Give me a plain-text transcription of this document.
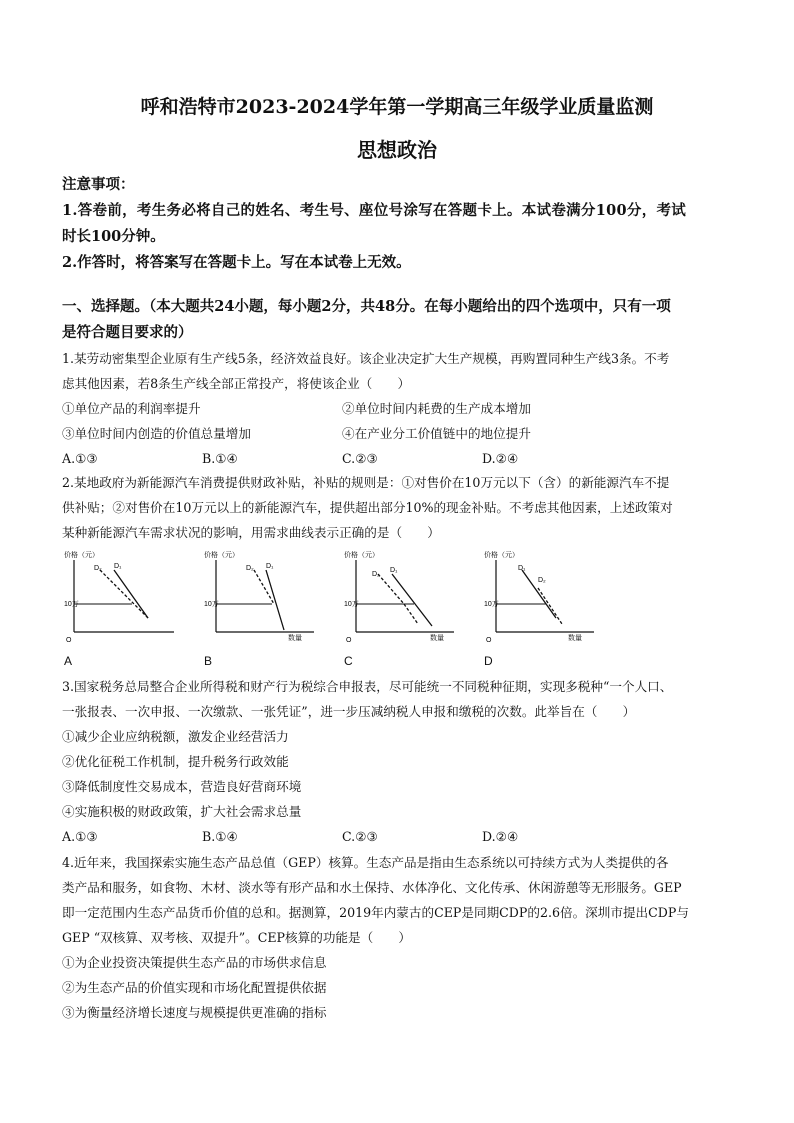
呼和浩特市2023-2024学年第一学期高三年级学业质量监测
思想政治

注意事项：

1.答卷前，考生务必将自己的姓名、考生号、座位号涂写在答题卡上。本试卷满分100分，考试

时长100分钟。

2.作答时，将答案写在答题卡上。写在本试卷上无效。

一、选择题。（本大题共24小题，每小题2分，共48分。在每小题给出的四个选项中，只有一项

是符合题目要求的）

1.某劳动密集型企业原有生产线5条，经济效益良好。该企业决定扩大生产规模，再购置同种生产线3条。不考

虑其他因素，若8条生产线全部正常投产，将使该企业（　　）

①单位产品的利润率提升	②单位时间内耗费的生产成本增加
③单位时间内创造的价值总量增加	④在产业分工价值链中的地位提升
A.①③	B.①④	C.②③	D.②④

2.某地政府为新能源汽车消费提供财政补贴，补贴的规则是：①对售价在10万元以下（含）的新能源汽车不提

供补贴；②对售价在10万元以上的新能源汽车，提供超出部分10%的现金补贴。不考虑其他因素，上述政策对

某种新能源汽车需求状况的影响，用需求曲线表示正确的是（　　）

价格（元）
10万
D₂ D₁
O
价格（元）
10万
D₂ D₁
数量
价格（元）
10万
D₂
D₁
O	数量
价格（元）
10万
D₁
D₂
O	数量
A	B	C	D

3.国家税务总局整合企业所得税和财产行为税综合申报表，尽可能统一不同税种征期，实现多税种“一个人口、

一张报表、一次申报、一次缴款、一张凭证”，进一步压减纳税人申报和缴税的次数。此举旨在（　　）

①减少企业应纳税额，激发企业经营活力

②优化征税工作机制，提升税务行政效能

③降低制度性交易成本，营造良好营商环境

④实施积极的财政政策，扩大社会需求总量

A.①③	B.①④	C.②③	D.②④

4.近年来，我国探索实施生态产品总值（GEP）核算。生态产品是指由生态系统以可持续方式为人类提供的各

类产品和服务，如食物、木材、淡水等有形产品和水土保持、水体净化、文化传承、休闲游憩等无形服务。GEP

即一定范围内生态产品货币价值的总和。据测算，2019年内蒙古的CEP是同期CDP的2.6倍。深圳市提出CDP与

GEP “双核算、双考核、双提升”。CEP核算的功能是（　　）

①为企业投资决策提供生态产品的市场供求信息

②为生态产品的价值实现和市场化配置提供依据

③为衡量经济增长速度与规模提供更准确的指标
